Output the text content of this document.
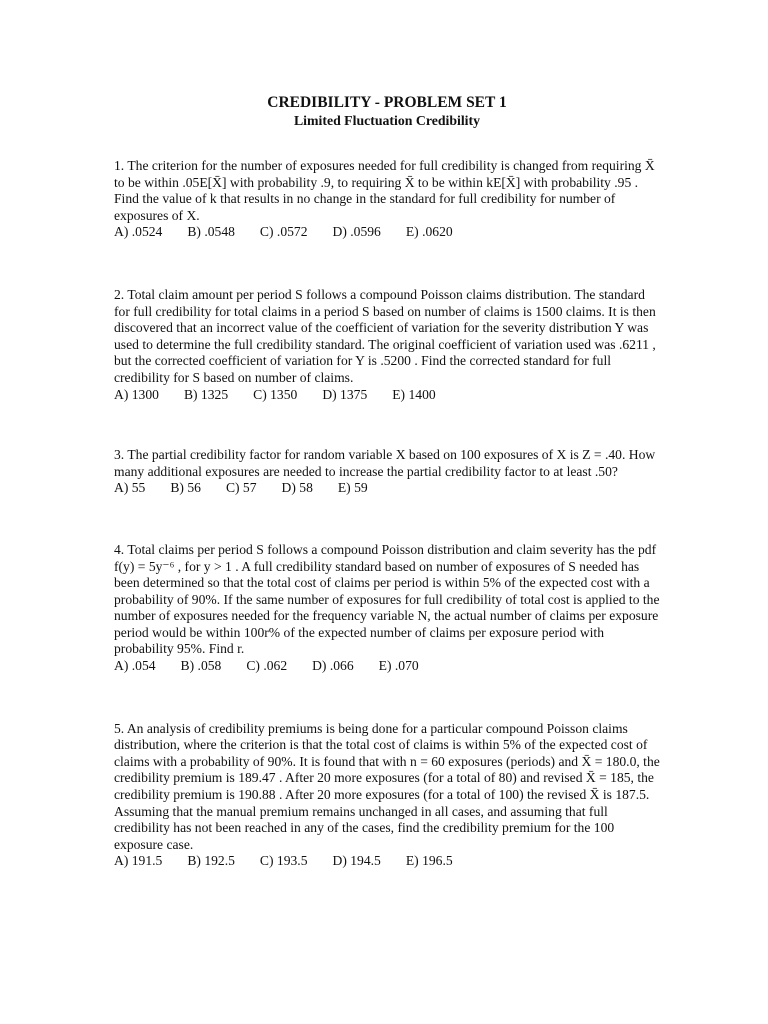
CREDIBILITY - PROBLEM SET 1
Limited Fluctuation Credibility

1. The criterion for the number of exposures needed for full credibility is changed from requiring X̄ to be within .05E[X̄] with probability .9, to requiring X̄ to be within kE[X̄] with probability .95 . Find the value of k that results in no change in the standard for full credibility for number of exposures of X.

A) .0524 B) .0548 C) .0572 D) .0596 E) .0620

2. Total claim amount per period S follows a compound Poisson claims distribution. The standard for full credibility for total claims in a period S based on number of claims is 1500 claims. It is then discovered that an incorrect value of the coefficient of variation for the severity distribution Y was used to determine the full credibility standard. The original coefficient of variation used was .6211 , but the corrected coefficient of variation for Y is .5200 . Find the corrected standard for full credibility for S based on number of claims.

A) 1300 B) 1325 C) 1350 D) 1375 E) 1400

3. The partial credibility factor for random variable X based on 100 exposures of X is Z = .40. How many additional exposures are needed to increase the partial credibility factor to at least .50?

A) 55 B) 56 C) 57 D) 58 E) 59

4. Total claims per period S follows a compound Poisson distribution and claim severity has the pdf f(y) = 5y⁻⁶ , for y > 1 . A full credibility standard based on number of exposures of S needed has been determined so that the total cost of claims per period is within 5% of the expected cost with a probability of 90%. If the same number of exposures for full credibility of total cost is applied to the number of exposures needed for the frequency variable N, the actual number of claims per exposure period would be within 100r% of the expected number of claims per exposure period with probability 95%. Find r.

A) .054 B) .058 C) .062 D) .066 E) .070

5. An analysis of credibility premiums is being done for a particular compound Poisson claims distribution, where the criterion is that the total cost of claims is within 5% of the expected cost of claims with a probability of 90%. It is found that with n = 60 exposures (periods) and X̄ = 180.0, the credibility premium is 189.47 . After 20 more exposures (for a total of 80) and revised X̄ = 185, the credibility premium is 190.88 . After 20 more exposures (for a total of 100) the revised X̄ is 187.5. Assuming that the manual premium remains unchanged in all cases, and assuming that full credibility has not been reached in any of the cases, find the credibility premium for the 100 exposure case.

A) 191.5 B) 192.5 C) 193.5 D) 194.5 E) 196.5
